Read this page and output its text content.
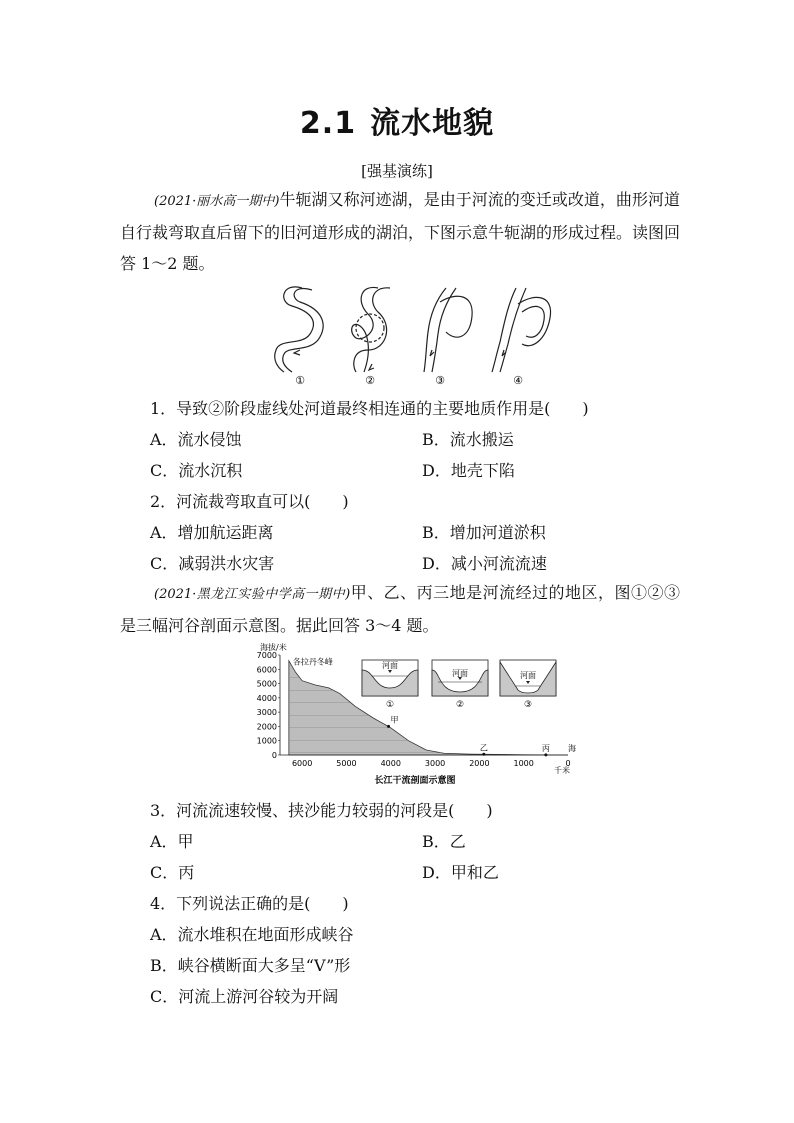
2.1 流水地貌
[强基演练]
(2021·丽水高一期中)牛轭湖又称河迹湖，是由于河流的变迁或改道，曲形河道自行裁弯取直后留下的旧河道形成的湖泊，下图示意牛轭湖的形成过程。读图回答 1～2 题。
①	②	③	④
1．导致②阶段虚线处河道最终相连通的主要地质作用是(　　)
A．流水侵蚀	B．流水搬运
C．流水沉积	D．地壳下陷
2．河流裁弯取直可以(　　)
A．增加航运距离	B．增加河道淤积
C．减弱洪水灾害	D．减小河流流速
(2021·黑龙江实验中学高一期中)甲、乙、丙三地是河流经过的地区，图①②③是三幅河谷剖面示意图。据此回答 3～4 题。
海拔/米
7000
6000
5000
4000
3000
2000
1000
0
6000	5000	4000	3000	2000	1000	0
千米
各拉丹冬峰
甲
乙	丙 海
长江干流剖面示意图
河面
①
河面
②
河面
③
3．河流流速较慢、挟沙能力较弱的河段是(　　)
A．甲	B．乙
C．丙	D．甲和乙
4．下列说法正确的是(　　)
A．流水堆积在地面形成峡谷
B．峡谷横断面大多呈“V”形
C．河流上游河谷较为开阔
